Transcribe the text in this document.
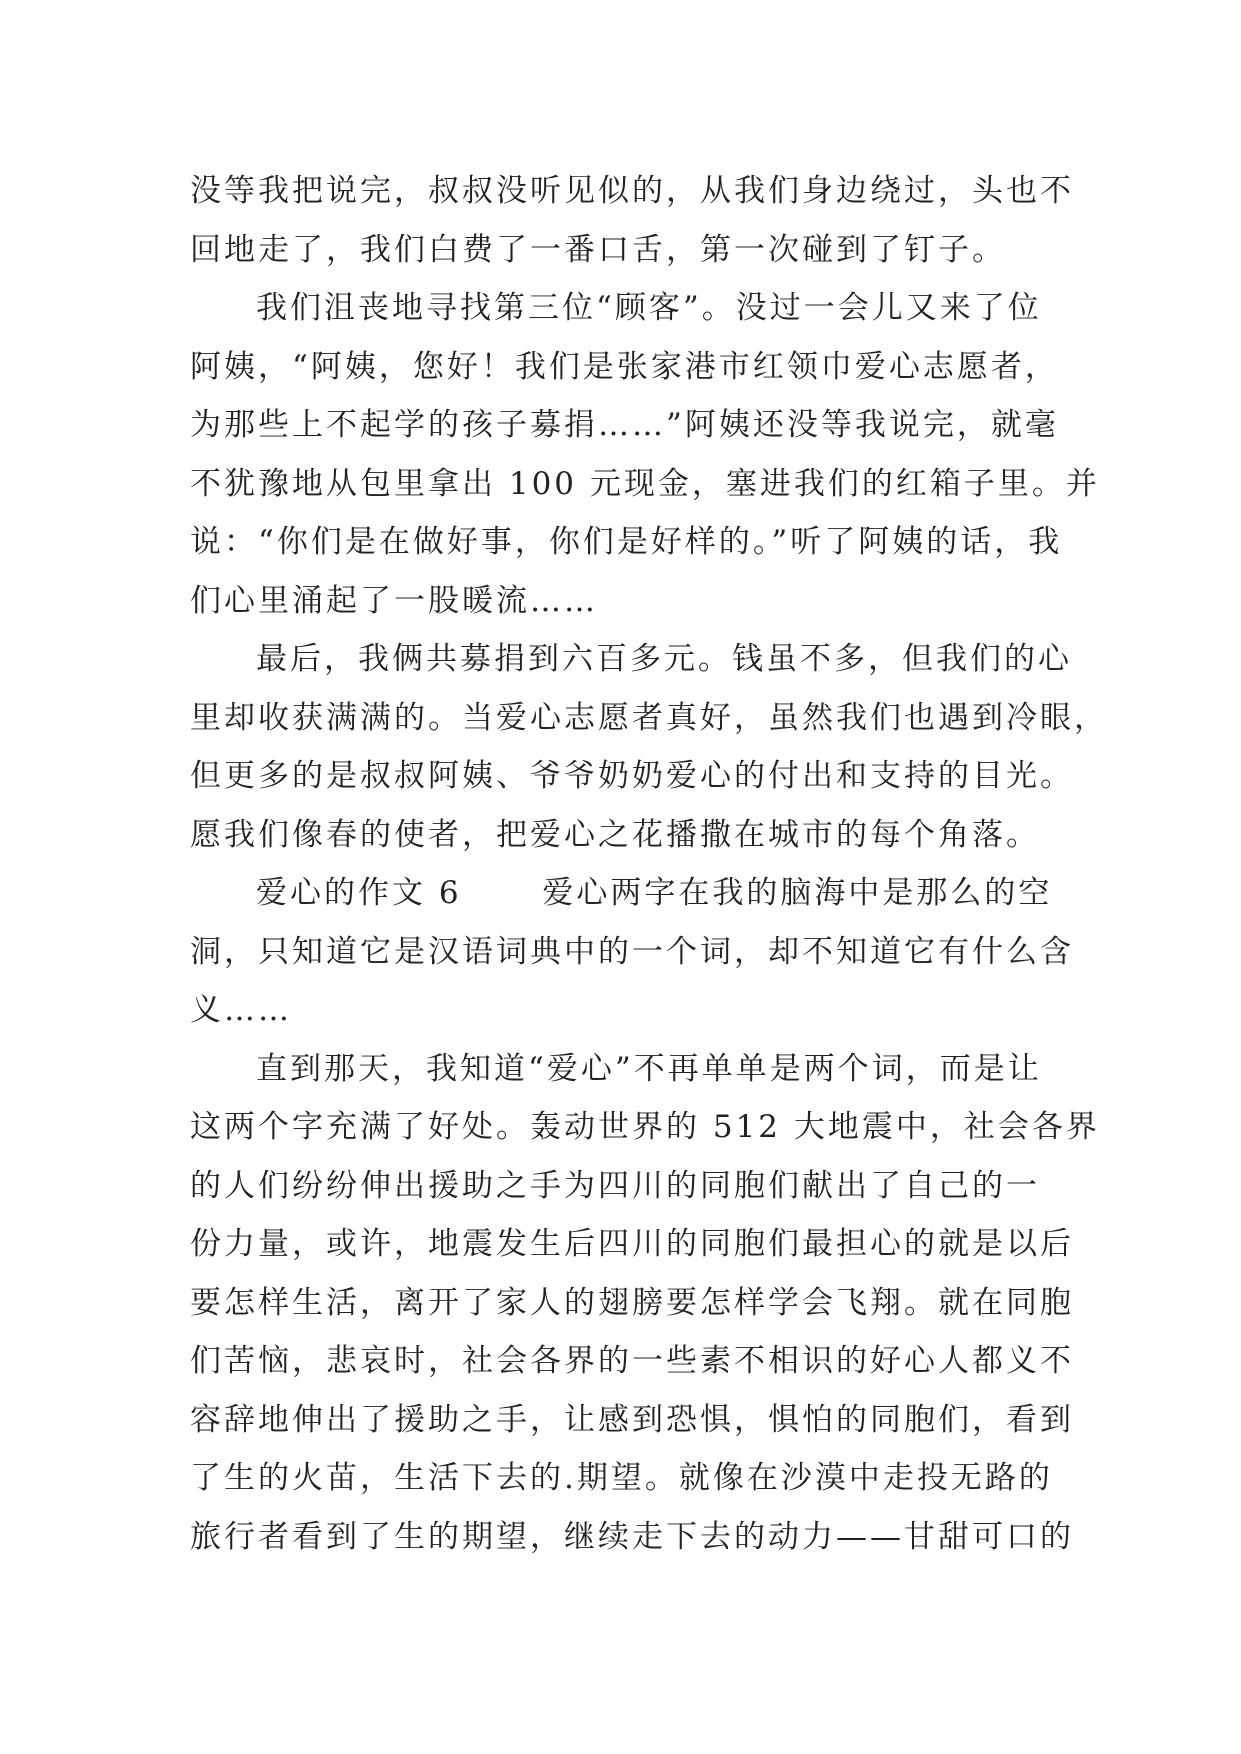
没等我把说完，叔叔没听见似的，从我们身边绕过，头也不
回地走了，我们白费了一番口舌，第一次碰到了钉子。
我们沮丧地寻找第三位“顾客”。没过一会儿又来了位
阿姨，“阿姨，您好！我们是张家港市红领巾爱心志愿者，
为那些上不起学的孩子募捐……”阿姨还没等我说完，就毫
不犹豫地从包里拿出 100 元现金，塞进我们的红箱子里。并
说：“你们是在做好事，你们是好样的。”听了阿姨的话，我
们心里涌起了一股暖流……
最后，我俩共募捐到六百多元。钱虽不多，但我们的心
里却收获满满的。当爱心志愿者真好，虽然我们也遇到冷眼，
但更多的是叔叔阿姨、爷爷奶奶爱心的付出和支持的目光。
愿我们像春的使者，把爱心之花播撒在城市的每个角落。
爱心的作文 6 　　爱心两字在我的脑海中是那么的空
洞，只知道它是汉语词典中的一个词，却不知道它有什么含
义……
直到那天，我知道“爱心”不再单单是两个词，而是让
这两个字充满了好处。轰动世界的 512 大地震中，社会各界
的人们纷纷伸出援助之手为四川的同胞们献出了自己的一
份力量，或许，地震发生后四川的同胞们最担心的就是以后
要怎样生活，离开了家人的翅膀要怎样学会飞翔。就在同胞
们苦恼，悲哀时，社会各界的一些素不相识的好心人都义不
容辞地伸出了援助之手，让感到恐惧，惧怕的同胞们，看到
了生的火苗，生活下去的.期望。就像在沙漠中走投无路的
旅行者看到了生的期望，继续走下去的动力——甘甜可口的
